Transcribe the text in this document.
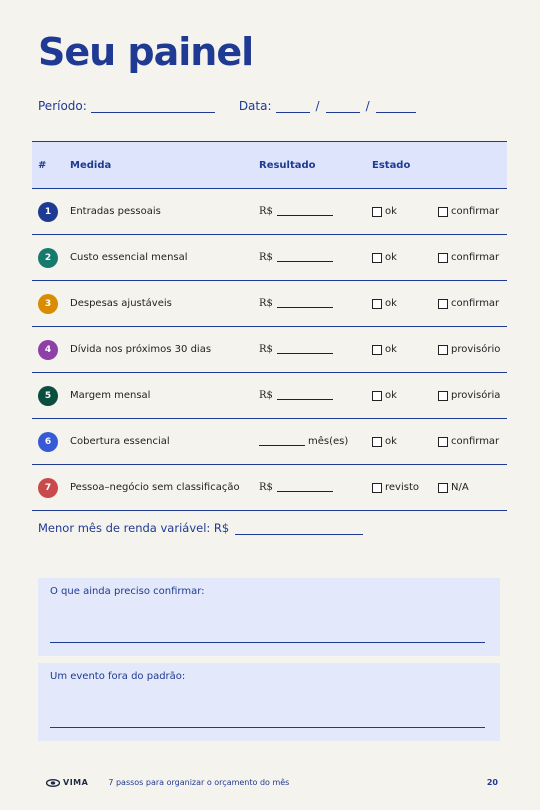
Seu painel
Período:	Data:	/	/
#	Medida	Resultado	Estado
1	Entradas pessoais	R$	ok	confirmar
2	Custo essencial mensal	R$	ok	confirmar
3	Despesas ajustáveis	R$	ok	confirmar
4	Dívida nos próximos 30 dias	R$	ok	provisório
5	Margem mensal	R$	ok	provisória
6	Cobertura essencial	mês(es)	ok	confirmar
7	Pessoa–negócio sem classificação	R$	revisto	N/A
Menor mês de renda variável: R$
O que ainda preciso confirmar:
Um evento fora do padrão:
VIMA	7 passos para organizar o orçamento do mês	20
